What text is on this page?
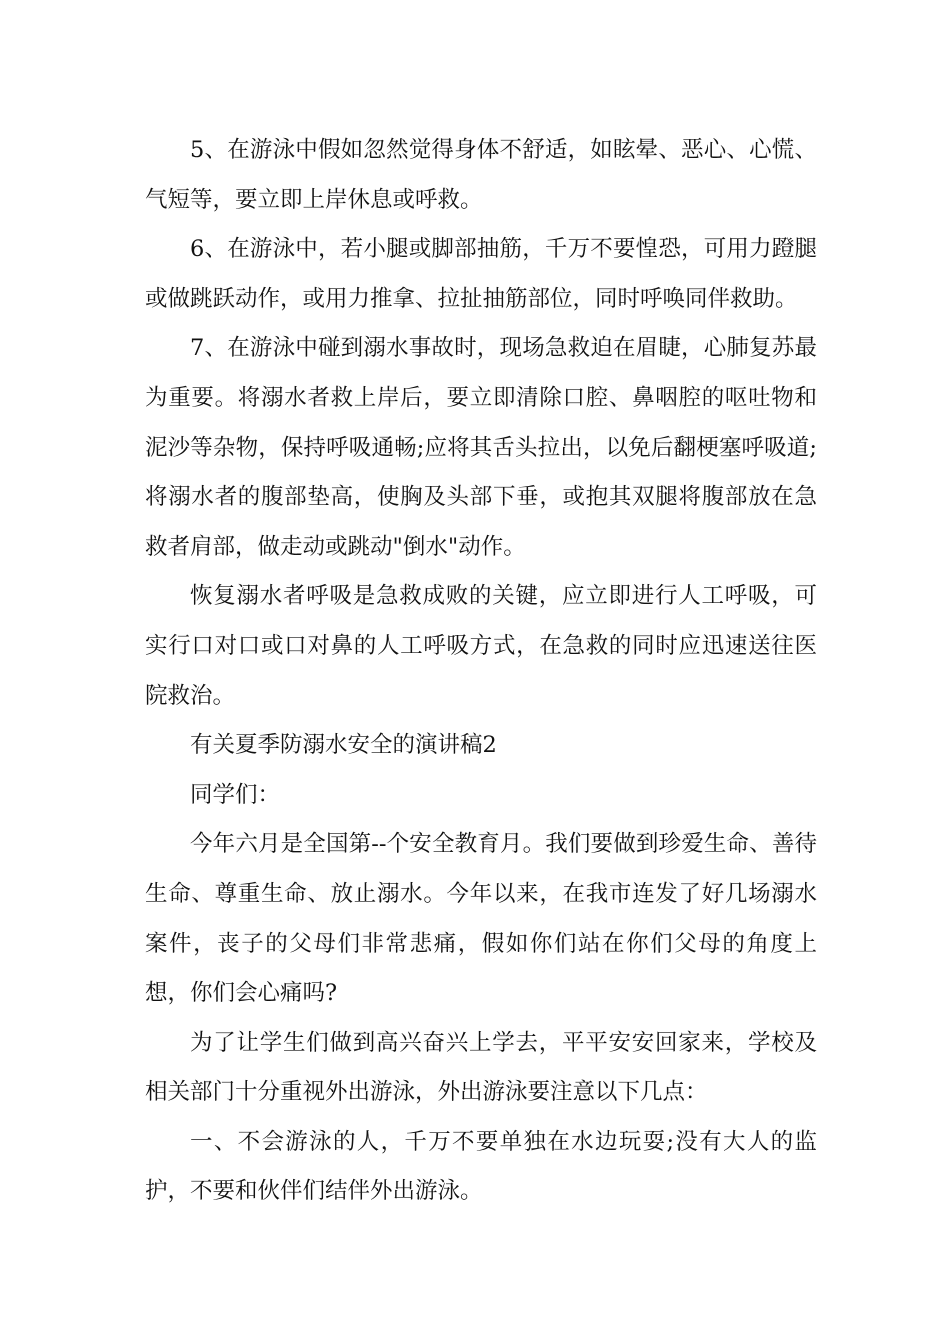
5、在游泳中假如忽然觉得身体不舒适，如眩晕、恶心、心慌、气短等，要立即上岸休息或呼救。

6、在游泳中，若小腿或脚部抽筋，千万不要惶恐，可用力蹬腿或做跳跃动作，或用力推拿、拉扯抽筋部位，同时呼唤同伴救助。

7、在游泳中碰到溺水事故时，现场急救迫在眉睫，心肺复苏最为重要。将溺水者救上岸后，要立即清除口腔、鼻咽腔的呕吐物和泥沙等杂物，保持呼吸通畅;应将其舌头拉出，以免后翻梗塞呼吸道;将溺水者的腹部垫高，使胸及头部下垂，或抱其双腿将腹部放在急救者肩部，做走动或跳动"倒水"动作。

恢复溺水者呼吸是急救成败的关键，应立即进行人工呼吸，可实行口对口或口对鼻的人工呼吸方式，在急救的同时应迅速送往医院救治。

有关夏季防溺水安全的演讲稿2

同学们：

今年六月是全国第--个安全教育月。我们要做到珍爱生命、善待生命、尊重生命、放止溺水。今年以来，在我市连发了好几场溺水案件，丧子的父母们非常悲痛，假如你们站在你们父母的角度上想，你们会心痛吗?

为了让学生们做到高兴奋兴上学去，平平安安回家来，学校及相关部门十分重视外出游泳，外出游泳要注意以下几点：

一、不会游泳的人，千万不要单独在水边玩耍;没有大人的监护，不要和伙伴们结伴外出游泳。
